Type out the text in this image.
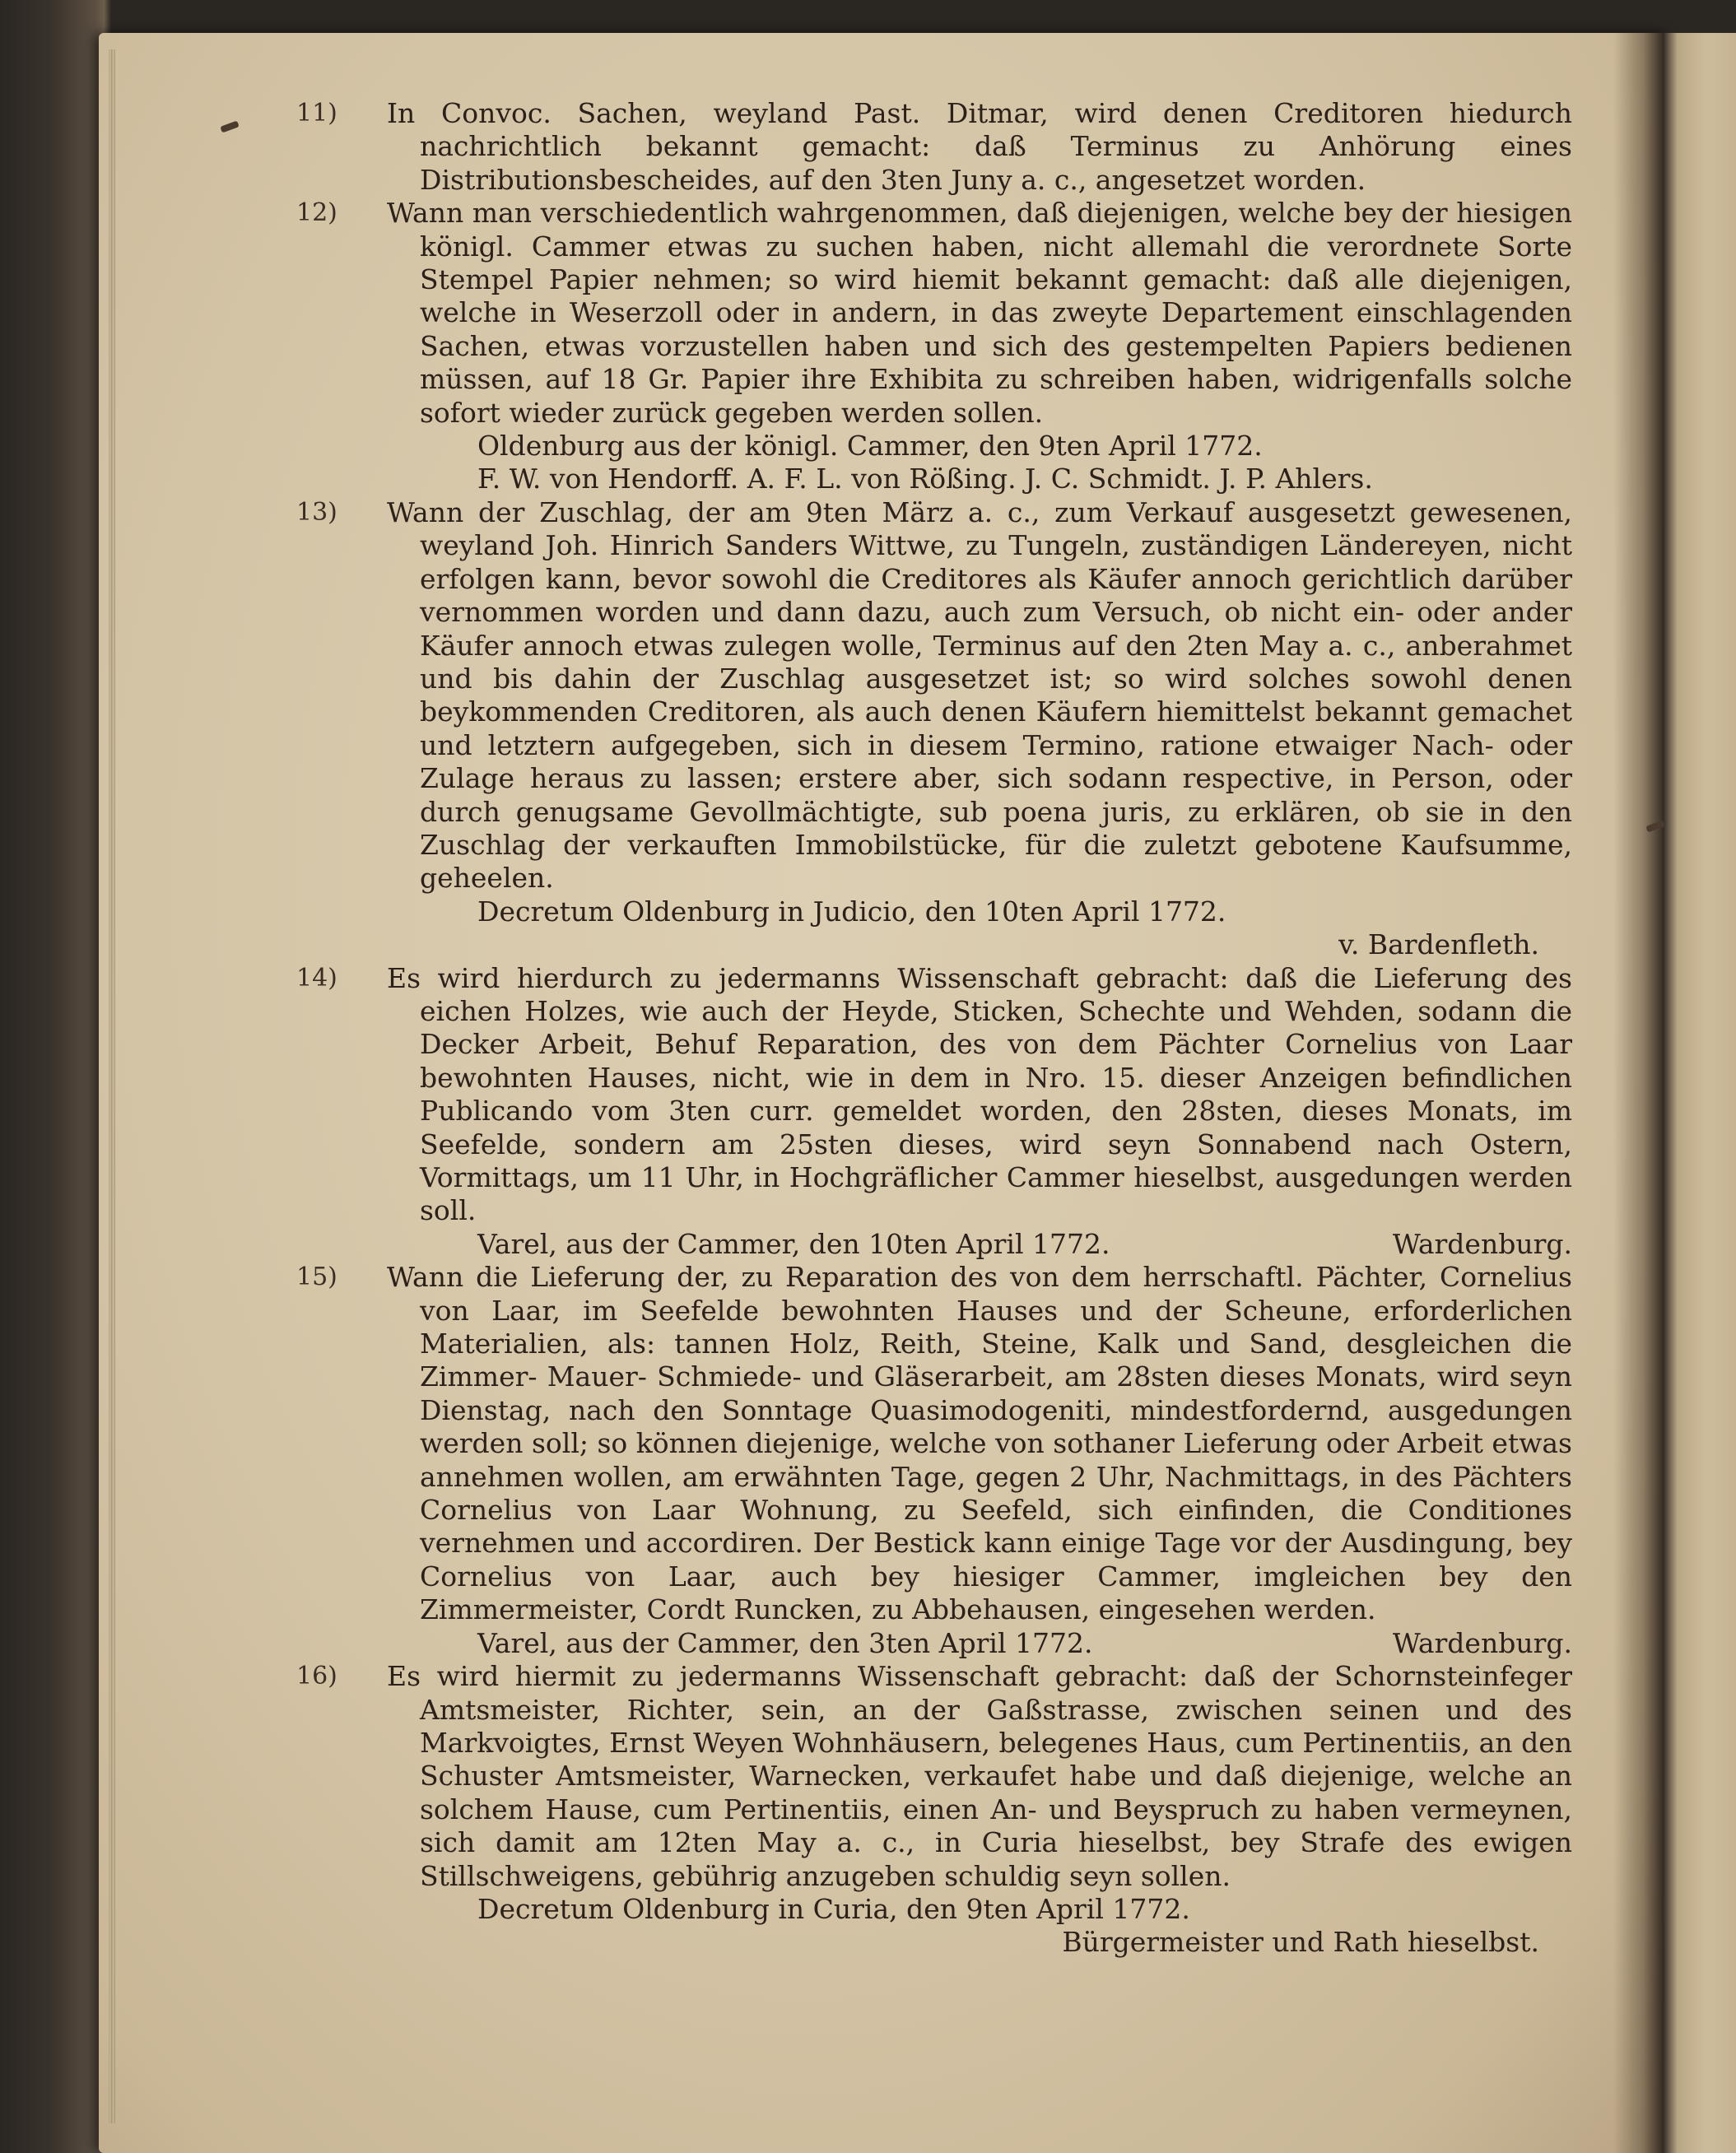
11) In Convoc. Sachen, weyland Past. Ditmar, wird denen Creditoren hiedurch nachrichtlich bekannt gemacht: daß Terminus zu Anhörung eines Distributionsbescheides, auf den 3ten Juny a. c., angesetzet worden.

12) Wann man verschiedentlich wahrgenommen, daß diejenigen, welche bey der hiesigen königl. Cammer etwas zu suchen haben, nicht allemahl die verordnete Sorte Stempel Papier nehmen; so wird hiemit bekannt gemacht: daß alle diejenigen, welche in Weserzoll oder in andern, in das zweyte Departement einschlagenden Sachen, etwas vorzustellen haben und sich des gestempelten Papiers bedienen müssen, auf 18 Gr. Papier ihre Exhibita zu schreiben haben, widrigenfalls solche sofort wieder zurück gegeben werden sollen.

Oldenburg aus der königl. Cammer, den 9ten April 1772.

F. W. von Hendorff. A. F. L. von Rößing. J. C. Schmidt. J. P. Ahlers.

13) Wann der Zuschlag, der am 9ten März a. c., zum Verkauf ausgesetzt gewesenen, weyland Joh. Hinrich Sanders Wittwe, zu Tungeln, zuständigen Ländereyen, nicht erfolgen kann, bevor sowohl die Creditores als Käufer annoch gerichtlich darüber vernommen worden und dann dazu, auch zum Versuch, ob nicht ein- oder ander Käufer annoch etwas zulegen wolle, Terminus auf den 2ten May a. c., anberahmet und bis dahin der Zuschlag ausgesetzet ist; so wird solches sowohl denen beykommenden Creditoren, als auch denen Käufern hiemittelst bekannt gemachet und letztern aufgegeben, sich in diesem Termino, ratione etwaiger Nach- oder Zulage heraus zu lassen; erstere aber, sich sodann respective, in Person, oder durch genugsame Gevollmächtigte, sub poena juris, zu erklären, ob sie in den Zuschlag der verkauften Immobilstücke, für die zuletzt gebotene Kaufsumme, geheelen.

Decretum Oldenburg in Judicio, den 10ten April 1772.

v. Bardenfleth.

14) Es wird hierdurch zu jedermanns Wissenschaft gebracht: daß die Lieferung des eichen Holzes, wie auch der Heyde, Sticken, Schechte und Wehden, sodann die Decker Arbeit, Behuf Reparation, des von dem Pächter Cornelius von Laar bewohnten Hauses, nicht, wie in dem in Nro. 15. dieser Anzeigen befindlichen Publicando vom 3ten curr. gemeldet worden, den 28sten, dieses Monats, im Seefelde, sondern am 25sten dieses, wird seyn Sonnabend nach Ostern, Vormittags, um 11 Uhr, in Hochgräflicher Cammer hieselbst, ausgedungen werden soll.

Varel, aus der Cammer, den 10ten April 1772.	Wardenburg.
15) Wann die Lieferung der, zu Reparation des von dem herrschaftl. Pächter, Cornelius von Laar, im Seefelde bewohnten Hauses und der Scheune, erforderlichen Materialien, als: tannen Holz, Reith, Steine, Kalk und Sand, desgleichen die Zimmer- Mauer- Schmiede- und Gläserarbeit, am 28sten dieses Monats, wird seyn Dienstag, nach den Sonntage Quasimodogeniti, mindestfordernd, ausgedungen werden soll; so können diejenige, welche von sothaner Lieferung oder Arbeit etwas annehmen wollen, am erwähnten Tage, gegen 2 Uhr, Nachmittags, in des Pächters Cornelius von Laar Wohnung, zu Seefeld, sich einfinden, die Conditiones vernehmen und accordiren. Der Bestick kann einige Tage vor der Ausdingung, bey Cornelius von Laar, auch bey hiesiger Cammer, imgleichen bey den Zimmermeister, Cordt Runcken, zu Abbehausen, eingesehen werden.

Varel, aus der Cammer, den 3ten April 1772.	Wardenburg.
16) Es wird hiermit zu jedermanns Wissenschaft gebracht: daß der Schornsteinfeger Amtsmeister, Richter, sein, an der Gaßstrasse, zwischen seinen und des Markvoigtes, Ernst Weyen Wohnhäusern, belegenes Haus, cum Pertinentiis, an den Schuster Amtsmeister, Warnecken, verkaufet habe und daß diejenige, welche an solchem Hause, cum Pertinentiis, einen An- und Beyspruch zu haben vermeynen, sich damit am 12ten May a. c., in Curia hieselbst, bey Strafe des ewigen Stillschweigens, gebührig anzugeben schuldig seyn sollen.

Decretum Oldenburg in Curia, den 9ten April 1772.

Bürgermeister und Rath hieselbst.
